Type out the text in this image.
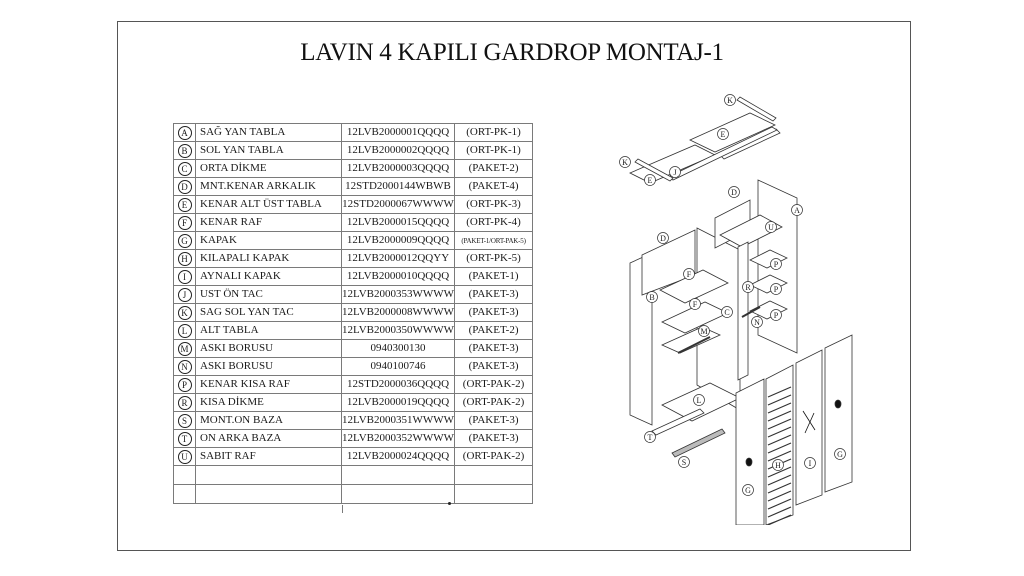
LAVIN 4 KAPILI GARDROP MONTAJ-1
A	SAĞ YAN TABLA	12LVB2000001QQQQ	(ORT-PK-1)
B	SOL YAN TABLA	12LVB2000002QQQQ	(ORT-PK-1)
C	ORTA DİKME	12LVB2000003QQQQ	(PAKET-2)
D	MNT.KENAR ARKALIK	12STD2000144WBWB	(PAKET-4)
E	KENAR ALT ÜST TABLA	12STD2000067WWWW	(ORT-PK-3)
F	KENAR RAF	12LVB2000015QQQQ	(ORT-PK-4)
G	KAPAK	12LVB2000009QQQQ	(PAKET-1/ORT-PAK-5)
H	KILAPALI KAPAK	12LVB2000012QQYY	(ORT-PK-5)
I	AYNALI KAPAK	12LVB2000010QQQQ	(PAKET-1)
J	UST ÖN TAC	12LVB2000353WWWW	(PAKET-3)
K	SAG SOL YAN TAC	12LVB2000008WWWW	(PAKET-3)
L	ALT TABLA	12LVB2000350WWWW	(PAKET-2)
M	ASKI BORUSU	0940300130	(PAKET-3)
N	ASKI BORUSU	0940100746	(PAKET-3)
P	KENAR KISA RAF	12STD2000036QQQQ	(ORT-PAK-2)
R	KISA DİKME	12LVB2000019QQQQ	(ORT-PAK-2)
S	MONT.ON BAZA	12LVB2000351WWWW	(PAKET-3)
T	ON ARKA BAZA	12LVB2000352WWWW	(PAKET-3)
U	SABIT RAF	12LVB2000024QQQQ	(ORT-PAK-2)

K
K
E
E
J
D
D
A
U
B
F
F
C
R
N
P
P
P
M
L
T
S
G
H	I
G
